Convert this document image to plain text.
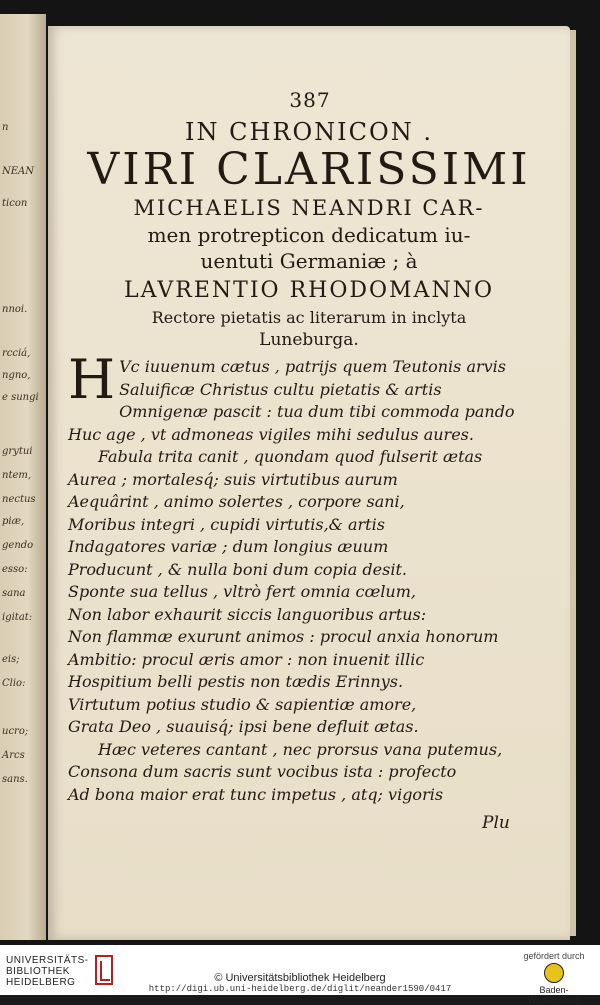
n
NEAN
ticon
nnoi.
rcciá,
ngno,
e sungi
grytui
ntem,
nectus
piæ,
gendo
esso:
sana
igitat:
eis;
Clio:
ucro;
Arcs
sans.
387
IN CHRONICON .
VIRI CLARISSIMI
MICHAELIS NEANDRI CAR-
men protrepticon dedicatum iu-
uentuti Germaniæ ; à
LAVRENTIO RHODOMANNO
Rectore pietatis ac literarum in inclyta
Luneburga.
H Vc iuuenum cætus , patrijs quem Teutonis arvis
Saluificæ Christus cultu pietatis & artis
Omnigenæ pascit : tua dum tibi commoda pando
Huc age , vt admoneas vigiles mihi sedulus aures.
Fabula trita canit , quondam quod fulserit ætas
Aurea ; mortalesq́; suis virtutibus aurum
Aequârint , animo solertes , corpore sani,
Moribus integri , cupidi virtutis,& artis
Indagatores variæ ; dum longius æuum
Producunt , & nulla boni dum copia desit.
Sponte sua tellus , vltrò fert omnia cœlum,
Non labor exhaurit siccis languoribus artus:
Non flammæ exurunt animos : procul anxia honorum
Ambitio: procul æris amor : non inuenit illic
Hospitium belli pestis non tædis Erinnys.
Virtutum potius studio & sapientiæ amore,
Grata Deo , suauisq́; ipsi bene defluit ætas.
Hæc veteres cantant , nec prorsus vana putemus,
Consona dum sacris sunt vocibus ista : profecto
Ad bona maior erat tunc impetus , atq; vigoris
Plu
UNIVERSITÄTS-
BIBLIOTHEK
HEIDELBERG	© Universitätsbibliothek Heidelberg
http://digi.ub.uni-heidelberg.de/diglit/neander1590/0417
gefördert durch
Baden-Württemberg
